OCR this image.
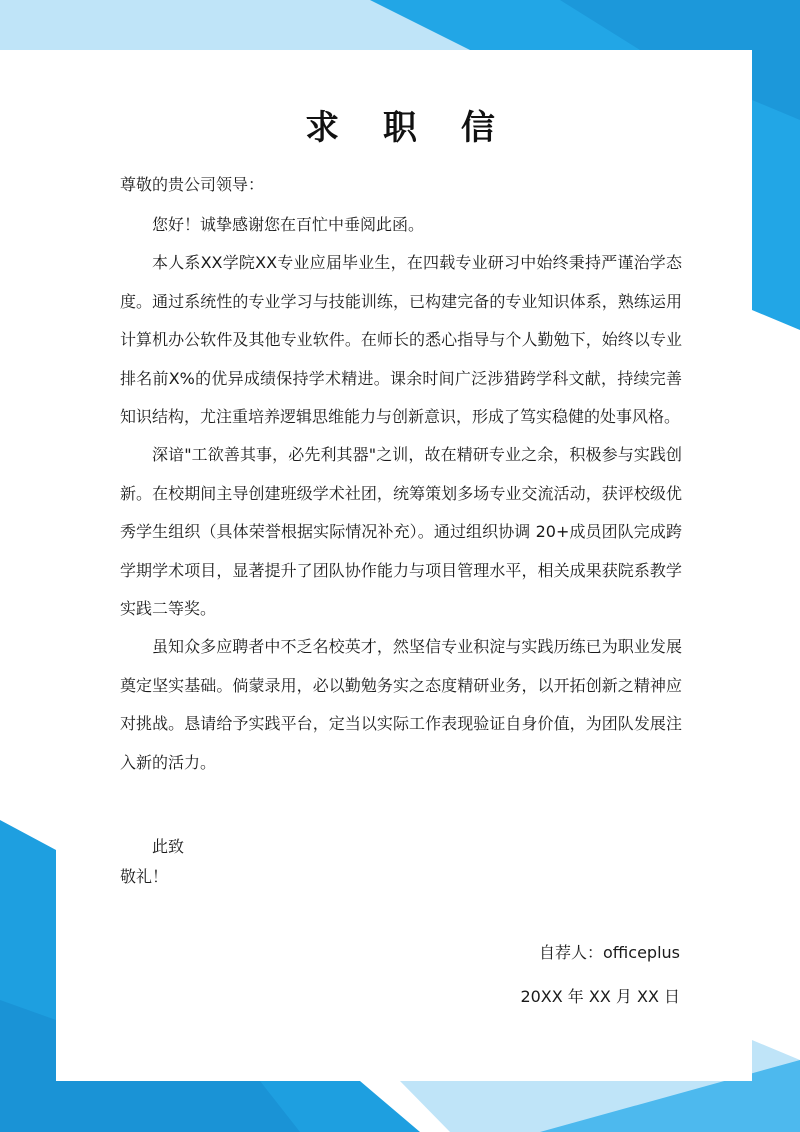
求 职 信
尊敬的贵公司领导：

您好！诚挚感谢您在百忙中垂阅此函。

本人系XX学院XX专业应届毕业生，在四载专业研习中始终秉持严谨治学态度。通过系统性的专业学习与技能训练，已构建完备的专业知识体系，熟练运用计算机办公软件及其他专业软件。在师长的悉心指导与个人勤勉下，始终以专业排名前X%的优异成绩保持学术精进。课余时间广泛涉猎跨学科文献，持续完善知识结构，尤注重培养逻辑思维能力与创新意识，形成了笃实稳健的处事风格。

深谙"工欲善其事，必先利其器"之训，故在精研专业之余，积极参与实践创新。在校期间主导创建班级学术社团，统筹策划多场专业交流活动，获评校级优秀学生组织（具体荣誉根据实际情况补充）。通过组织协调 20+成员团队完成跨学期学术项目，显著提升了团队协作能力与项目管理水平，相关成果获院系教学实践二等奖。

虽知众多应聘者中不乏名校英才，然坚信专业积淀与实践历练已为职业发展奠定坚实基础。倘蒙录用，必以勤勉务实之态度精研业务，以开拓创新之精神应对挑战。恳请给予实践平台，定当以实际工作表现验证自身价值，为团队发展注入新的活力。

此致
敬礼！
自荐人：officeplus
20XX 年 XX 月 XX 日
